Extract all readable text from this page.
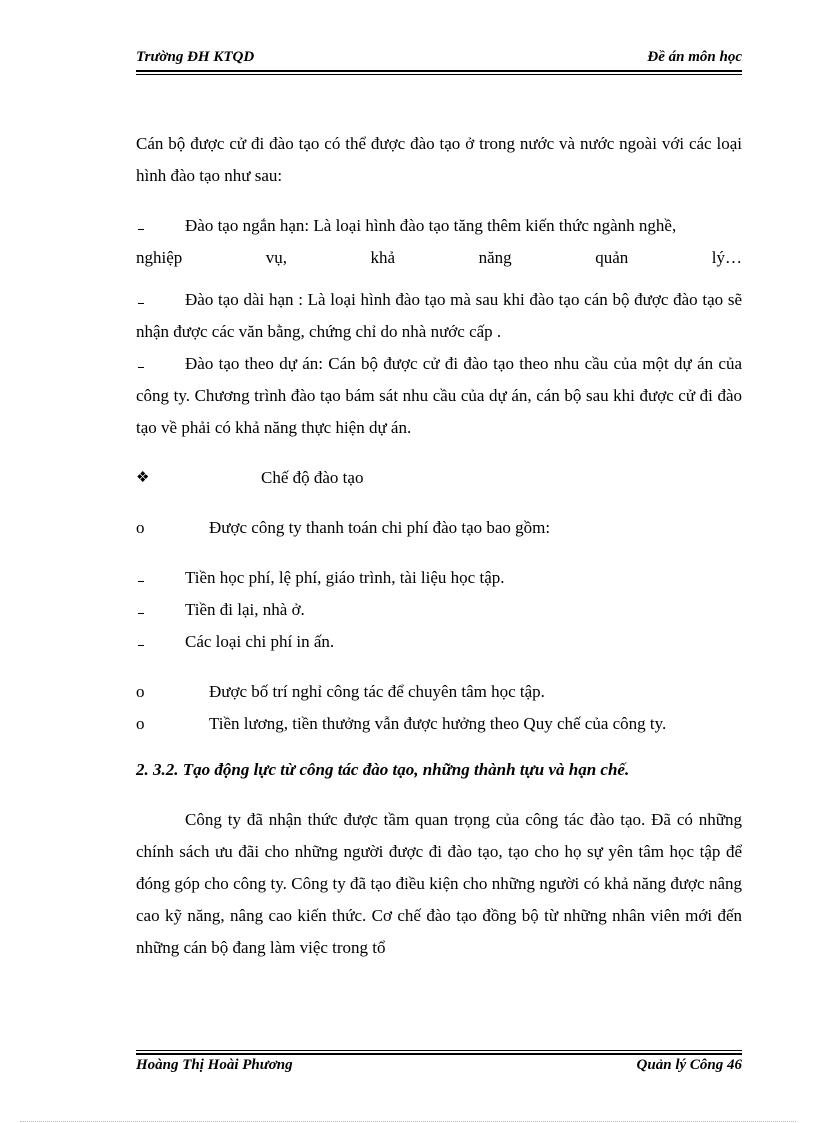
Trường ĐH KTQD	Đề án môn học

Cán bộ được cử đi đào tạo có thể được đào tạo ở trong nước và nước ngoài với các loại hình đào tạo như sau:

Đào tạo ngắn hạn: Là loại hình đào tạo tăng thêm kiến thức ngành nghề,

nghiệp vụ, khả năng quản lý…

Đào tạo dài hạn : Là loại hình đào tạo mà sau khi đào tạo cán bộ được đào tạo sẽ nhận được các văn bằng, chứng chỉ do nhà nước cấp .

Đào tạo theo dự án: Cán bộ được cử đi đào tạo theo nhu cầu của một dự án của công ty. Chương trình đào tạo bám sát nhu cầu của dự án, cán bộ sau khi được cử đi đào tạo về phải có khả năng thực hiện dự án.

❖	Chế độ đào tạo
o	Được công ty thanh toán chi phí đào tạo bao gồm:
Tiền học phí, lệ phí, giáo trình, tài liệu học tập.
Tiền đi lại, nhà ở.
Các loại chi phí in ấn.
o	Được bố trí nghỉ công tác để chuyên tâm học tập.
o	Tiền lương, tiền thưởng vẫn được hưởng theo Quy chế của công ty.

2. 3.2. Tạo động lực từ công tác đào tạo, những thành tựu và hạn chế.

Công ty đã nhận thức được tầm quan trọng của công tác đào tạo. Đã có những chính sách ưu đãi cho những người được đi đào tạo, tạo cho họ sự yên tâm học tập để đóng góp cho công ty. Công ty đã tạo điều kiện cho những người có khả năng được nâng cao kỹ năng, nâng cao kiến thức. Cơ chế đào tạo đồng bộ từ những nhân viên mới đến những cán bộ đang làm việc trong tổ

Hoàng Thị Hoài Phương	Quản lý Công 46
